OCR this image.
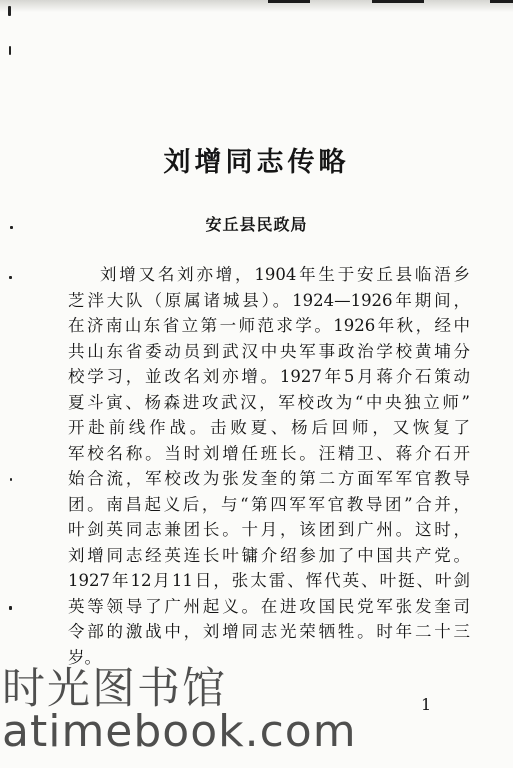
刘增同志传略
安丘县民政局
刘增又名刘亦增，1904年生于安丘县临浯乡
芝泮大队（原属诸城县）。1924—1926年期间，
在济南山东省立第一师范求学。1926年秋，经中
共山东省委动员到武汉中央军事政治学校黄埔分
校学习，並改名刘亦增。1927年5月蒋介石策动
夏斗寅、杨森进攻武汉，军校改为“中央独立师”
开赴前线作战。击败夏、杨后回师，又恢复了
军校名称。当时刘增任班长。汪精卫、蒋介石开
始合流，军校改为张发奎的第二方面军军官教导
团。南昌起义后，与“第四军军官教导团”合并，
叶剑英同志兼团长。十月，该团到广州。这时，
刘增同志经英连长叶镛介绍参加了中国共产党。
1927年12月11日，张太雷、恽代英、叶挺、叶剑
英等领导了广州起义。在进攻国民党军张发奎司
令部的激战中，刘增同志光荣牺牲。时年二十三
岁。
1
时光图书馆
atimebook.com
